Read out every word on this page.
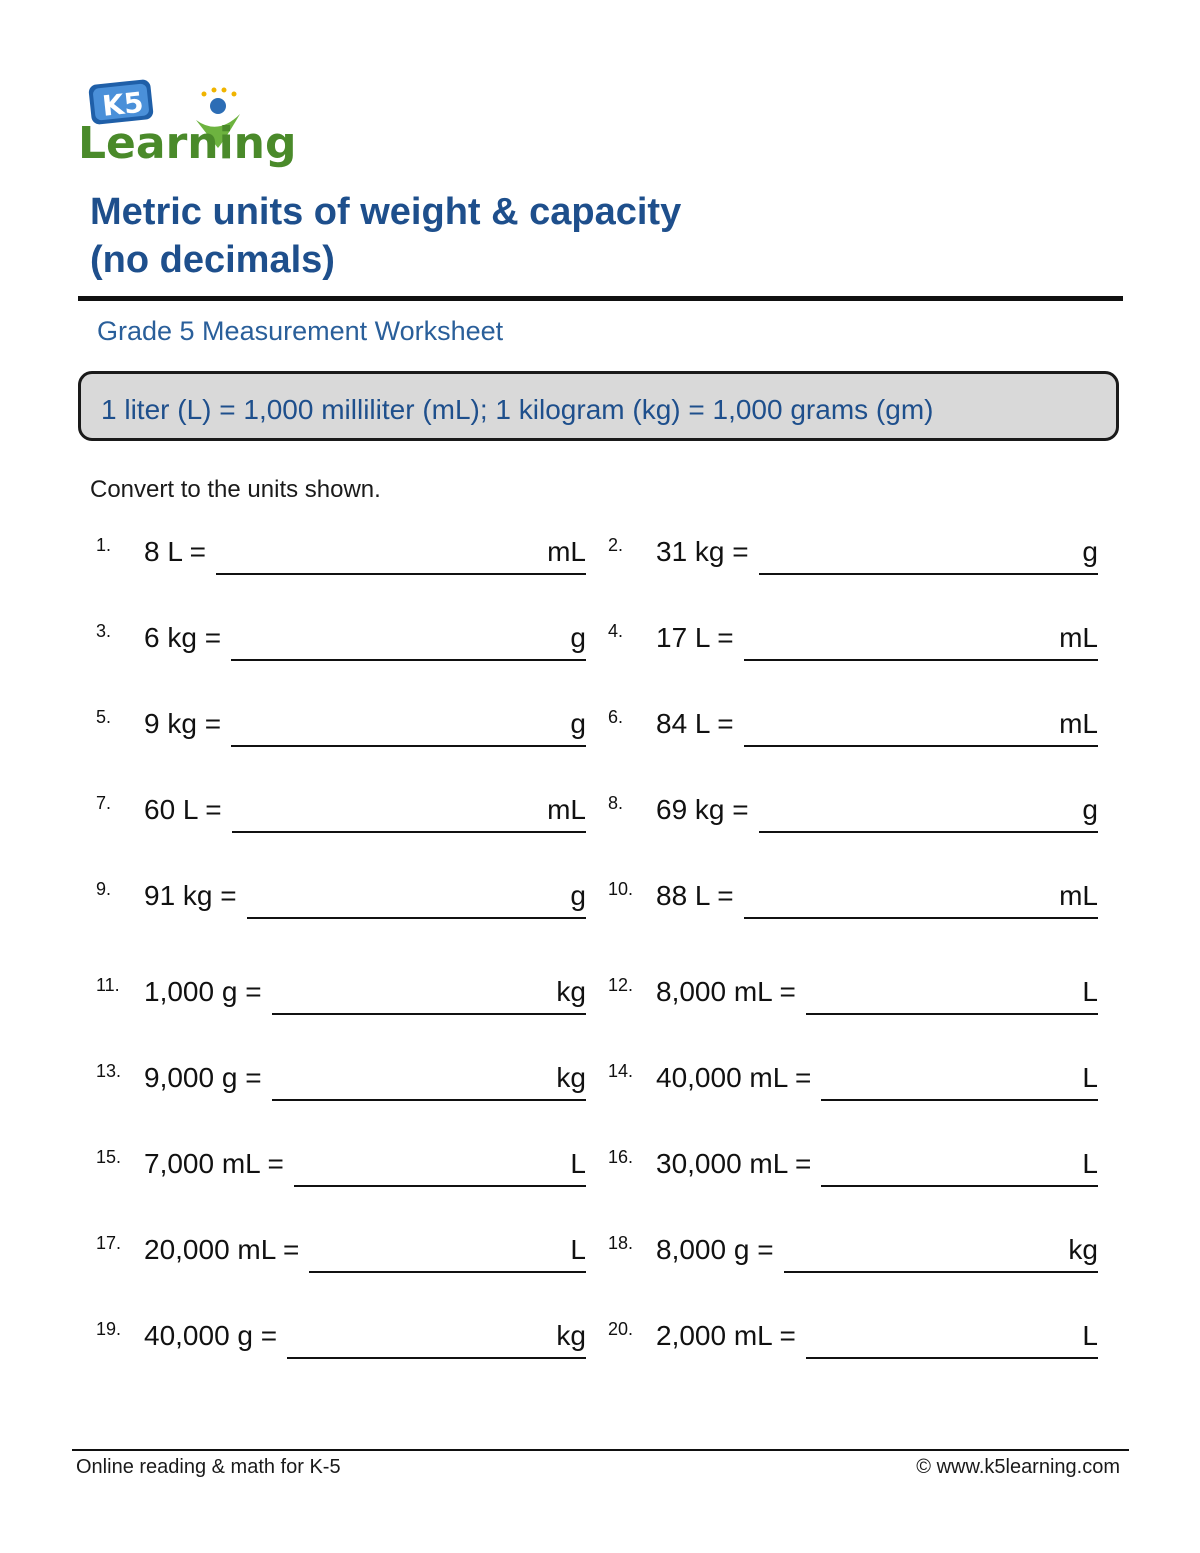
K5
Learning
Metric units of weight & capacity
(no decimals)
Grade 5 Measurement Worksheet
1 liter (L) = 1,000 milliliter (mL); 1 kilogram (kg) = 1,000 grams (gm)
Convert to the units shown.
1. 8 L =	mL 2. 31 kg =	g
3. 6 kg =	g 4. 17 L =	mL
5. 9 kg =	g 6. 84 L =	mL
7. 60 L =	mL 8. 69 kg =	g
9. 91 kg =	g 10. 88 L =	mL
11. 1,000 g =	kg 12. 8,000 mL =	L
13. 9,000 g =	kg 14. 40,000 mL =	L
15. 7,000 mL =	L 16. 30,000 mL =	L
17. 20,000 mL =	L 18. 8,000 g =	kg
19. 40,000 g =	kg 20. 2,000 mL =	L
Online reading & math for K-5	© www.k5learning.com
